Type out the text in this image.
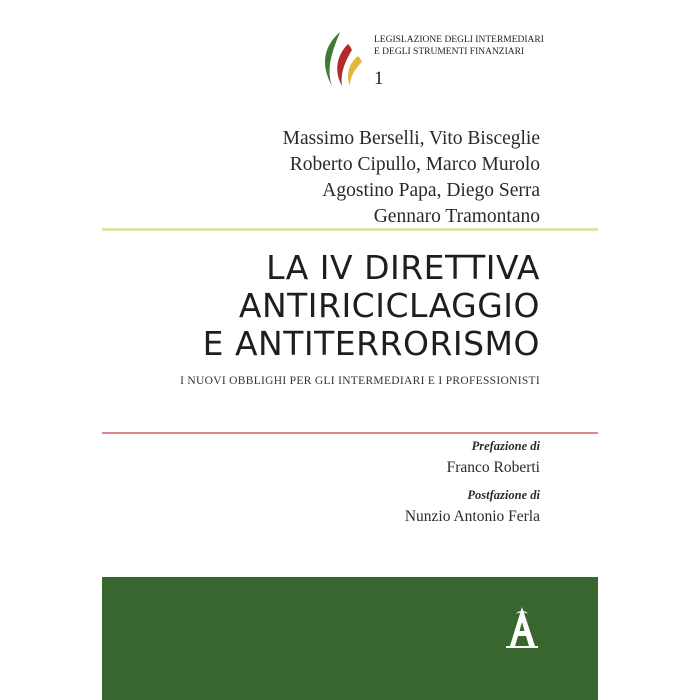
LEGISLAZIONE DEGLI INTERMEDIARI
E DEGLI STRUMENTI FINANZIARI
1
Massimo Berselli, Vito Bisceglie
Roberto Cipullo, Marco Murolo
Agostino Papa, Diego Serra
Gennaro Tramontano
LA IV DIRETTIVA
ANTIRICICLAGGIO
E ANTITERRORISMO
I NUOVI OBBLIGHI PER GLI INTERMEDIARI E I PROFESSIONISTI
Prefazione di
Franco Roberti
Postfazione di
Nunzio Antonio Ferla
